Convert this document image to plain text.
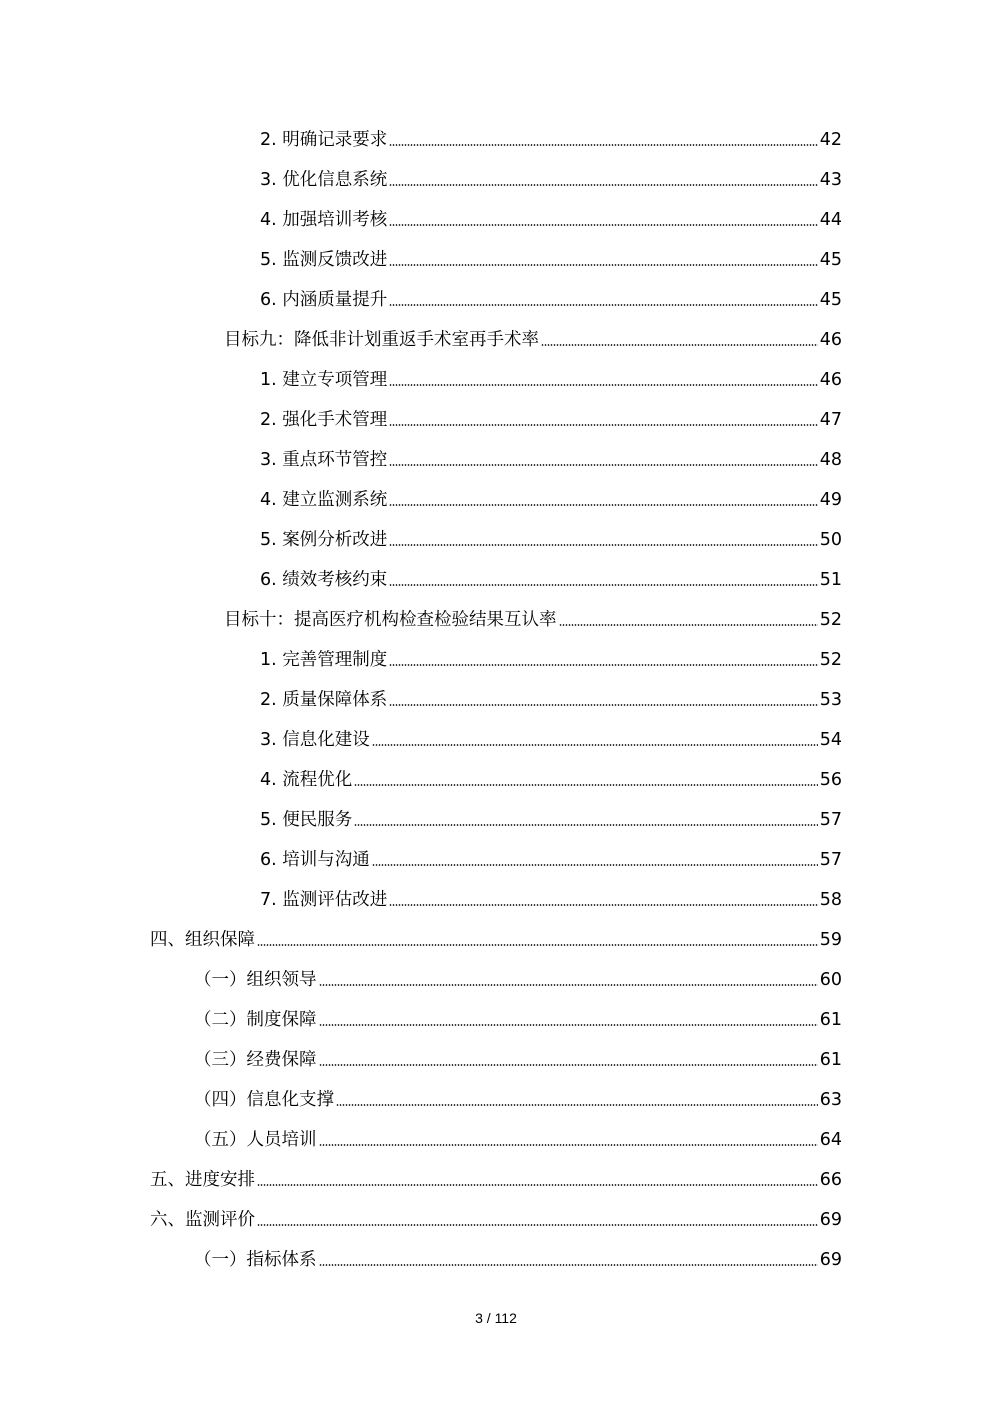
2. 明确记录要求	42
3. 优化信息系统	43
4. 加强培训考核	44
5. 监测反馈改进	45
6. 内涵质量提升	45
目标九：降低非计划重返手术室再手术率	46
1. 建立专项管理	46
2. 强化手术管理	47
3. 重点环节管控	48
4. 建立监测系统	49
5. 案例分析改进	50
6. 绩效考核约束	51
目标十：提高医疗机构检查检验结果互认率	52
1. 完善管理制度	52
2. 质量保障体系	53
3. 信息化建设	54
4. 流程优化	56
5. 便民服务	57
6. 培训与沟通	57
7. 监测评估改进	58
四、组织保障	59
（一）组织领导	60
（二）制度保障	61
（三）经费保障	61
（四）信息化支撑	63
（五）人员培训	64
五、进度安排	66
六、监测评价	69
（一）指标体系	69
3 / 112
